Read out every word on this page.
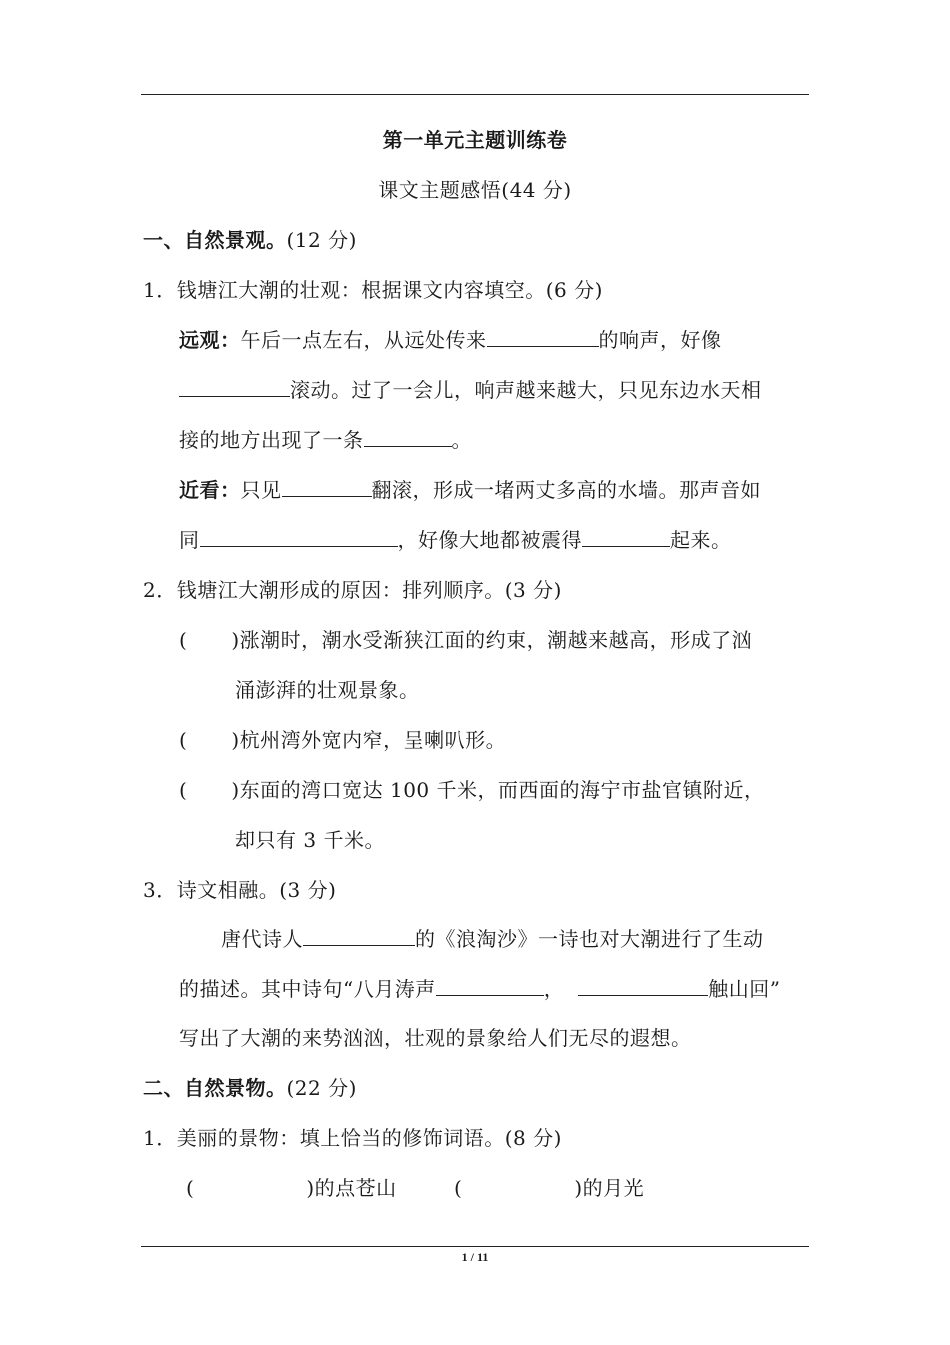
第一单元主题训练卷
课文主题感悟(44 分)
一、自然景观。(12 分)
1．钱塘江大潮的壮观：根据课文内容填空。(6 分)
远观：午后一点左右，从远处传来	的响声，好像
滚动。过了一会儿，响声越来越大，只见东边水天相
接的地方出现了一条	。
近看：只见	翻滚，形成一堵两丈多高的水墙。那声音如
同	，好像大地都被震得	起来。
2．钱塘江大潮形成的原因：排列顺序。(3 分)
( )涨潮时，潮水受渐狭江面的约束，潮越来越高，形成了汹
涌澎湃的壮观景象。
( )杭州湾外宽内窄，呈喇叭形。
( )东面的湾口宽达 100 千米，而西面的海宁市盐官镇附近，
却只有 3 千米。
3．诗文相融。(3 分)
唐代诗人	的《浪淘沙》一诗也对大潮进行了生动
的描述。其中诗句“八月涛声	，	触山回”
写出了大潮的来势汹汹，壮观的景象给人们无尽的遐想。
二、自然景物。(22 分)
1．美丽的景物：填上恰当的修饰词语。(8 分)
(	)的点苍山	(	)的月光
1 / 11
